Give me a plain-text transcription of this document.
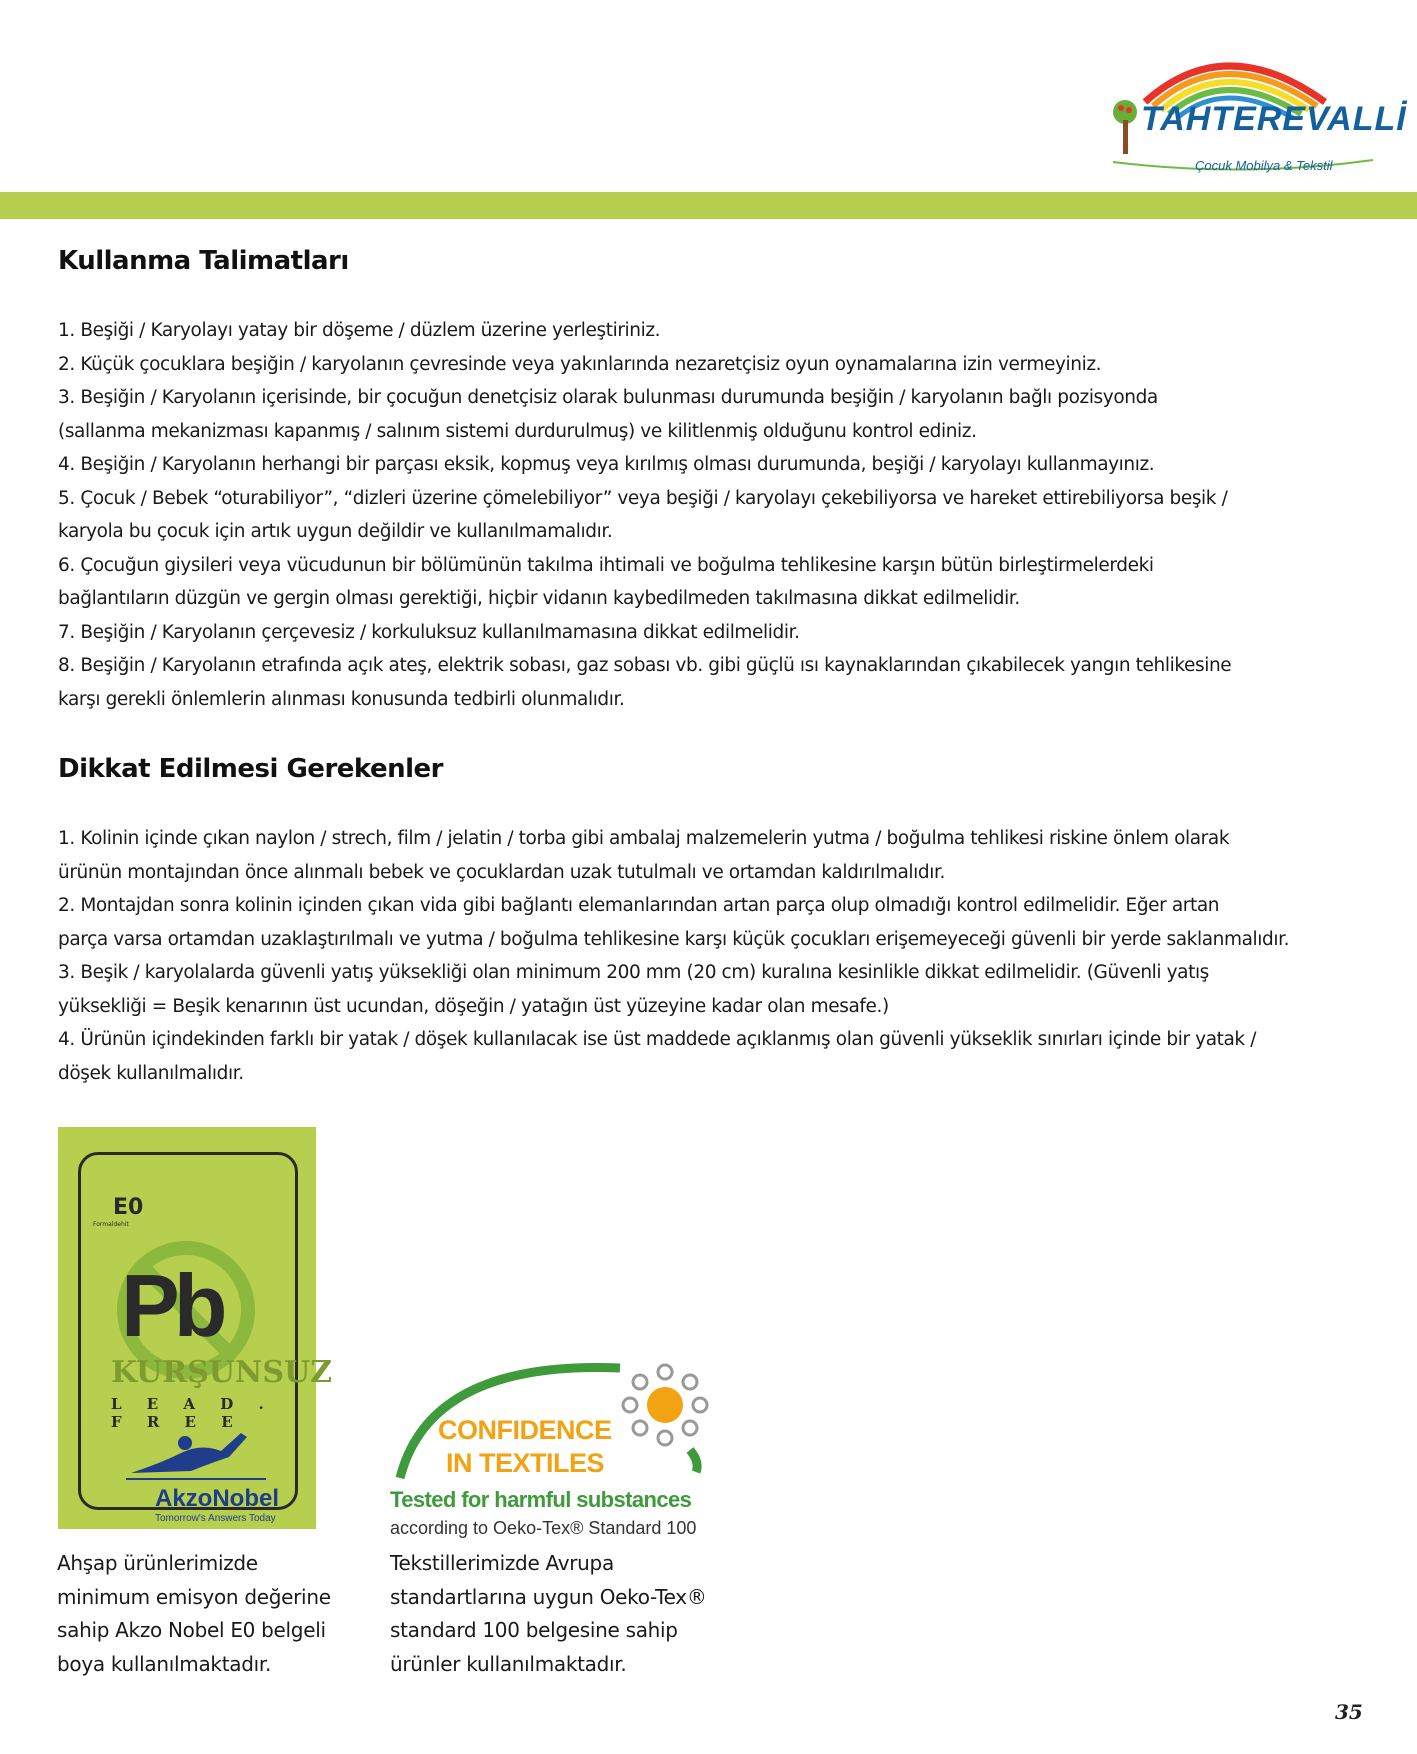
TAHTEREVALLİ
Çocuk Mobilya & Tekstil
Kullanma Talimatları
1. Beşiği / Karyolayı yatay bir döşeme / düzlem üzerine yerleştiriniz.
2. Küçük çocuklara beşiğin / karyolanın çevresinde veya yakınlarında nezaretçisiz oyun oynamalarına izin vermeyiniz.
3. Beşiğin / Karyolanın içerisinde, bir çocuğun denetçisiz olarak bulunması durumunda beşiğin / karyolanın bağlı pozisyonda
(sallanma mekanizması kapanmış / salınım sistemi durdurulmuş) ve kilitlenmiş olduğunu kontrol ediniz.
4. Beşiğin / Karyolanın herhangi bir parçası eksik, kopmuş veya kırılmış olması durumunda, beşiği / karyolayı kullanmayınız.
5. Çocuk / Bebek “oturabiliyor”, “dizleri üzerine çömelebiliyor” veya beşiği / karyolayı çekebiliyorsa ve hareket ettirebiliyorsa beşik /
karyola bu çocuk için artık uygun değildir ve kullanılmamalıdır.
6. Çocuğun giysileri veya vücudunun bir bölümünün takılma ihtimali ve boğulma tehlikesine karşın bütün birleştirmelerdeki
bağlantıların düzgün ve gergin olması gerektiği, hiçbir vidanın kaybedilmeden takılmasına dikkat edilmelidir.
7. Beşiğin / Karyolanın çerçevesiz / korkuluksuz kullanılmamasına dikkat edilmelidir.
8. Beşiğin / Karyolanın etrafında açık ateş, elektrik sobası, gaz sobası vb. gibi güçlü ısı kaynaklarından çıkabilecek yangın tehlikesine
karşı gerekli önlemlerin alınması konusunda tedbirli olunmalıdır.
Dikkat Edilmesi Gerekenler
1. Kolinin içinde çıkan naylon / strech, film / jelatin / torba gibi ambalaj malzemelerin yutma / boğulma tehlikesi riskine önlem olarak
ürünün montajından önce alınmalı bebek ve çocuklardan uzak tutulmalı ve ortamdan kaldırılmalıdır.
2. Montajdan sonra kolinin içinden çıkan vida gibi bağlantı elemanlarından artan parça olup olmadığı kontrol edilmelidir. Eğer artan
parça varsa ortamdan uzaklaştırılmalı ve yutma / boğulma tehlikesine karşı küçük çocukları erişemeyeceği güvenli bir yerde saklanmalıdır.
3. Beşik / karyolalarda güvenli yatış yüksekliği olan minimum 200 mm (20 cm) kuralına kesinlikle dikkat edilmelidir. (Güvenli yatış
yüksekliği = Beşik kenarının üst ucundan, döşeğin / yatağın üst yüzeyine kadar olan mesafe.)
4. Ürünün içindekinden farklı bir yatak / döşek kullanılacak ise üst maddede açıklanmış olan güvenli yükseklik sınırları içinde bir yatak /
döşek kullanılmalıdır.
E0
Formaldehit
Pb
KURŞUNSUZ
L E A D . F R E E
AkzoNobel
Tomorrow's Answers Today
CONFIDENCE
IN TEXTILES
Tested for harmful substances
according to Oeko-Tex® Standard 100

Ahşap ürünlerimizde
minimum emisyon değerine
sahip Akzo Nobel E0 belgeli
boya kullanılmaktadır.

Tekstillerimizde Avrupa
standartlarına uygun Oeko-Tex®
standard 100 belgesine sahip
ürünler kullanılmaktadır.

35
